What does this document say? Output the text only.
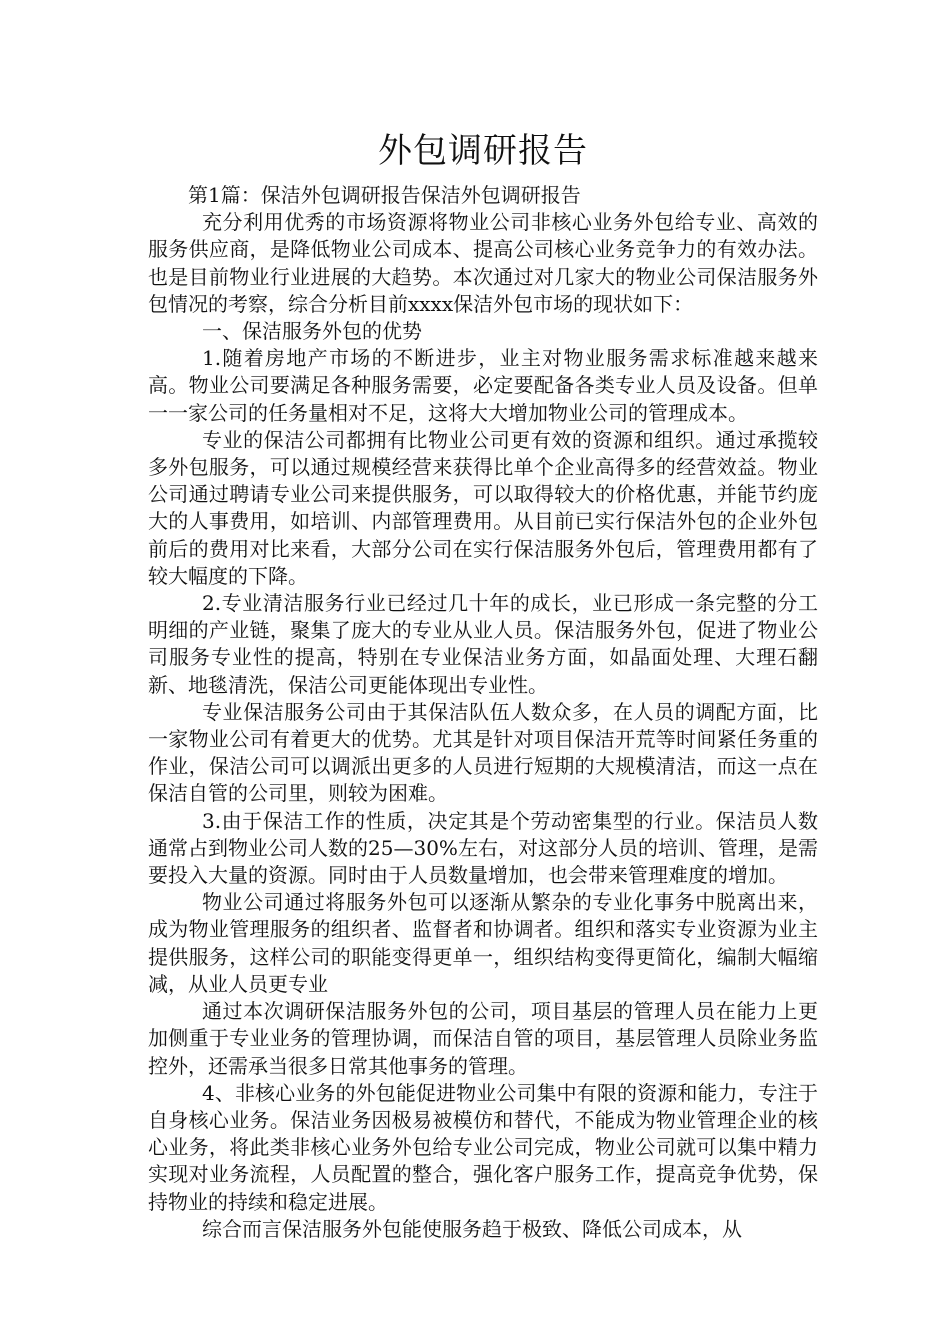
外包调研报告

第1篇：保洁外包调研报告保洁外包调研报告

充分利用优秀的市场资源将物业公司非核心业务外包给专业、高效的服务供应商，是降低物业公司成本、提高公司核心业务竞争力的有效办法。也是目前物业行业进展的大趋势。本次通过对几家大的物业公司保洁服务外包情况的考察，综合分析目前xxxx保洁外包市场的现状如下：

一、保洁服务外包的优势

1.随着房地产市场的不断进步，业主对物业服务需求标准越来越来高。物业公司要满足各种服务需要，必定要配备各类专业人员及设备。但单一一家公司的任务量相对不足，这将大大增加物业公司的管理成本。

专业的保洁公司都拥有比物业公司更有效的资源和组织。通过承揽较多外包服务，可以通过规模经营来获得比单个企业高得多的经营效益。物业公司通过聘请专业公司来提供服务，可以取得较大的价格优惠，并能节约庞大的人事费用，如培训、内部管理费用。从目前已实行保洁外包的企业外包前后的费用对比来看，大部分公司在实行保洁服务外包后，管理费用都有了较大幅度的下降。

2.专业清洁服务行业已经过几十年的成长，业已形成一条完整的分工明细的产业链，聚集了庞大的专业从业人员。保洁服务外包，促进了物业公司服务专业性的提高，特别在专业保洁业务方面，如晶面处理、大理石翻新、地毯清洗，保洁公司更能体现出专业性。

专业保洁服务公司由于其保洁队伍人数众多，在人员的调配方面，比一家物业公司有着更大的优势。尤其是针对项目保洁开荒等时间紧任务重的作业，保洁公司可以调派出更多的人员进行短期的大规模清洁，而这一点在保洁自管的公司里，则较为困难。

3.由于保洁工作的性质，决定其是个劳动密集型的行业。保洁员人数通常占到物业公司人数的25—30%左右，对这部分人员的培训、管理，是需要投入大量的资源。同时由于人员数量增加，也会带来管理难度的增加。

物业公司通过将服务外包可以逐渐从繁杂的专业化事务中脱离出来，成为物业管理服务的组织者、监督者和协调者。组织和落实专业资源为业主提供服务，这样公司的职能变得更单一，组织结构变得更简化，编制大幅缩减，从业人员更专业

通过本次调研保洁服务外包的公司，项目基层的管理人员在能力上更加侧重于专业业务的管理协调，而保洁自管的项目，基层管理人员除业务监控外，还需承当很多日常其他事务的管理。

4、非核心业务的外包能促进物业公司集中有限的资源和能力，专注于自身核心业务。保洁业务因极易被模仿和替代，不能成为物业管理企业的核心业务，将此类非核心业务外包给专业公司完成，物业公司就可以集中精力实现对业务流程，人员配置的整合，强化客户服务工作，提高竞争优势，保持物业的持续和稳定进展。

综合而言保洁服务外包能使服务趋于极致、降低公司成本，从
